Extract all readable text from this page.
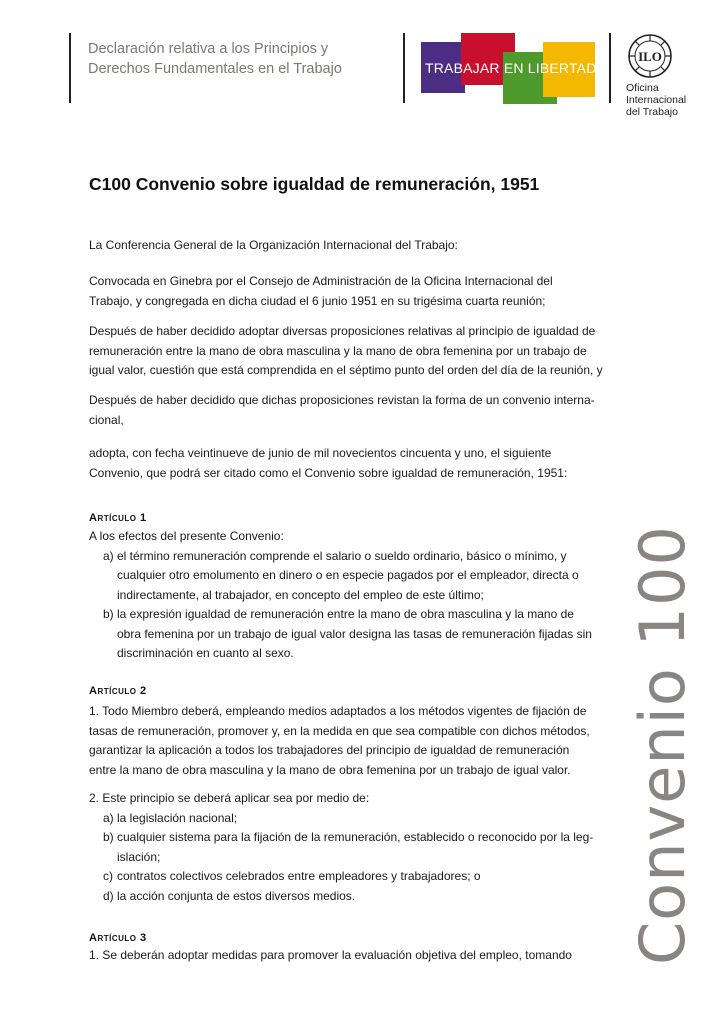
Declaración relativa a los Principios y
Derechos Fundamentales en el Trabajo	TRABAJAR EN LIBERTAD
ILO
Oficina
Internacional
del Trabajo
C100 Convenio sobre igualdad de remuneración, 1951
La Conferencia General de la Organización Internacional del Trabajo:
Convocada en Ginebra por el Consejo de Administración de la Oficina Internacional del
Trabajo, y congregada en dicha ciudad el 6 junio 1951 en su trigésima cuarta reunión;
Después de haber decidido adoptar diversas proposiciones relativas al principio de igualdad de
remuneración entre la mano de obra masculina y la mano de obra femenina por un trabajo de
igual valor, cuestión que está comprendida en el séptimo punto del orden del día de la reunión, y
Después de haber decidido que dichas proposiciones revistan la forma de un convenio interna-
cional,
adopta, con fecha veintinueve de junio de mil novecientos cincuenta y uno, el siguiente
Convenio, que podrá ser citado como el Convenio sobre igualdad de remuneración, 1951:
Artículo 1
A los efectos del presente Convenio:
a) el término remuneración comprende el salario o sueldo ordinario, básico o mínimo, y
cualquier otro emolumento en dinero o en especie pagados por el empleador, directa o
indirectamente, al trabajador, en concepto del empleo de este último;
b) la expresión igualdad de remuneración entre la mano de obra masculina y la mano de
obra femenina por un trabajo de igual valor designa las tasas de remuneración fijadas sin
discriminación en cuanto al sexo.
Artículo 2
1. Todo Miembro deberá, empleando medios adaptados a los métodos vigentes de fijación de
tasas de remuneración, promover y, en la medida en que sea compatible con dichos métodos,
garantizar la aplicación a todos los trabajadores del principio de igualdad de remuneración
entre la mano de obra masculina y la mano de obra femenina por un trabajo de igual valor.
2. Este principio se deberá aplicar sea por medio de:
a) la legislación nacional;
b) cualquier sistema para la fijación de la remuneración, establecido o reconocido por la leg-
islación;
c) contratos colectivos celebrados entre empleadores y trabajadores; o
d) la acción conjunta de estos diversos medios.
Artículo 3
1. Se deberán adoptar medidas para promover la evaluación objetiva del empleo, tomando Convenio 100
